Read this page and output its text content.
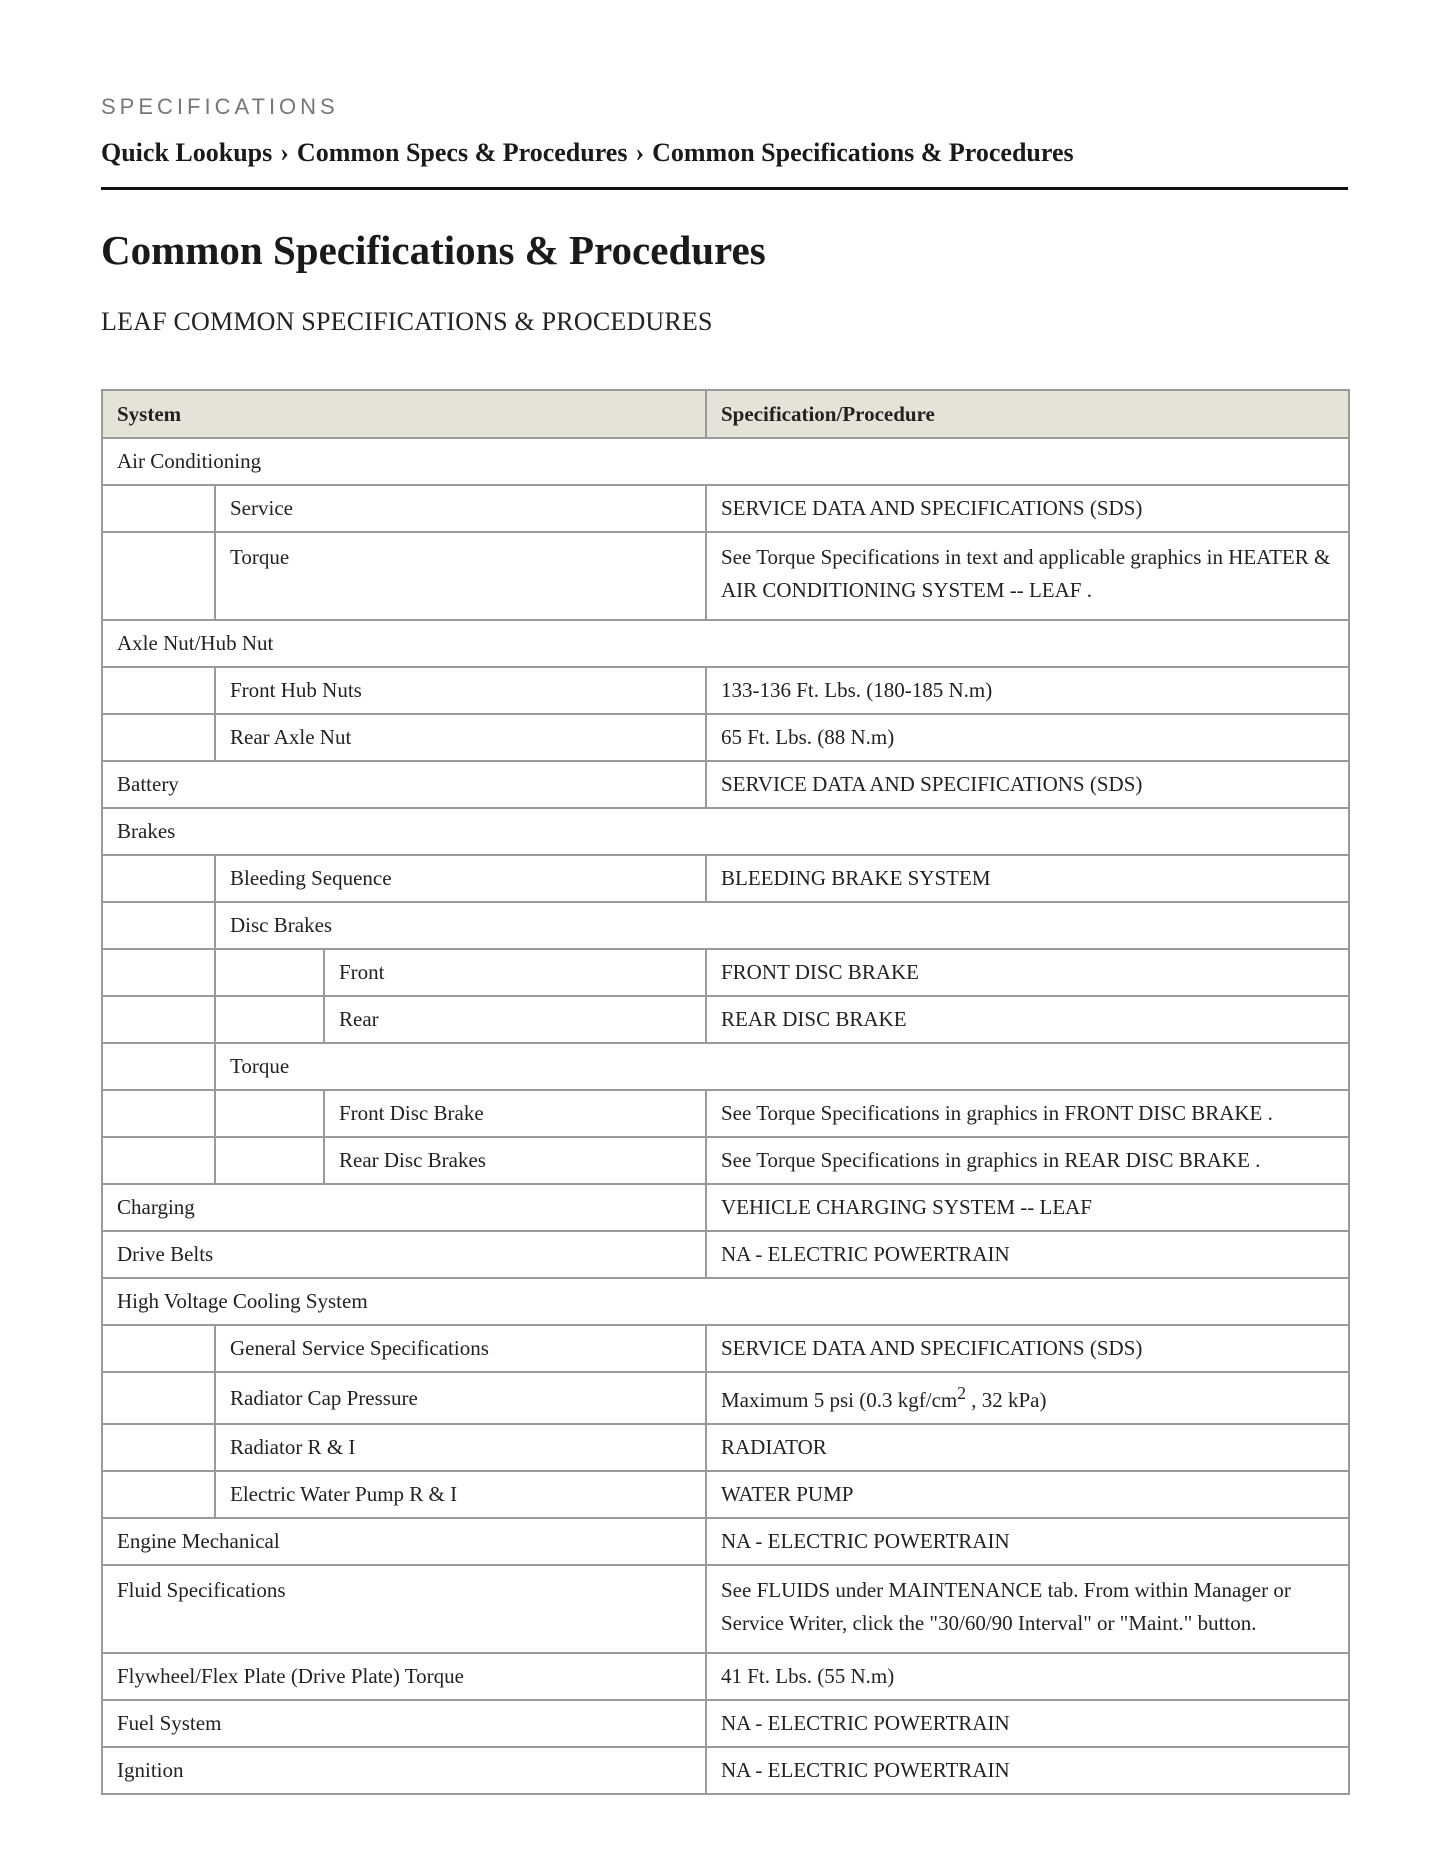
SPECIFICATIONS
Quick Lookups › Common Specs & Procedures › Common Specifications & Procedures
Common Specifications & Procedures
LEAF COMMON SPECIFICATIONS & PROCEDURES
System			Specification/Procedure
Air Conditioning			
	Service		SERVICE DATA AND SPECIFICATIONS (SDS)
	Torque		See Torque Specifications in text and applicable graphics in HEATER & AIR CONDITIONING SYSTEM -- LEAF .
Axle Nut/Hub Nut			
	Front Hub Nuts		133-136 Ft. Lbs. (180-185 N.m)
	Rear Axle Nut		65 Ft. Lbs. (88 N.m)
Battery			SERVICE DATA AND SPECIFICATIONS (SDS)
Brakes			
	Bleeding Sequence		BLEEDING BRAKE SYSTEM
	Disc Brakes		
		Front	FRONT DISC BRAKE
		Rear	REAR DISC BRAKE
	Torque		
		Front Disc Brake	See Torque Specifications in graphics in FRONT DISC BRAKE .
		Rear Disc Brakes	See Torque Specifications in graphics in REAR DISC BRAKE .
Charging			VEHICLE CHARGING SYSTEM -- LEAF
Drive Belts			NA - ELECTRIC POWERTRAIN
High Voltage Cooling System			
	General Service Specifications		SERVICE DATA AND SPECIFICATIONS (SDS)
	Radiator Cap Pressure		Maximum 5 psi (0.3 kgf/$cm^2$ , 32 kPa)
	Radiator R & I		RADIATOR
	Electric Water Pump R & I		WATER PUMP
Engine Mechanical			NA - ELECTRIC POWERTRAIN
Fluid Specifications			See FLUIDS under MAINTENANCE tab. From within Manager or Service Writer, click the "30/60/90 Interval" or "Maint." button.
Flywheel/Flex Plate (Drive Plate) Torque			41 Ft. Lbs. (55 N.m)
Fuel System			NA - ELECTRIC POWERTRAIN
Ignition			NA - ELECTRIC POWERTRAIN
